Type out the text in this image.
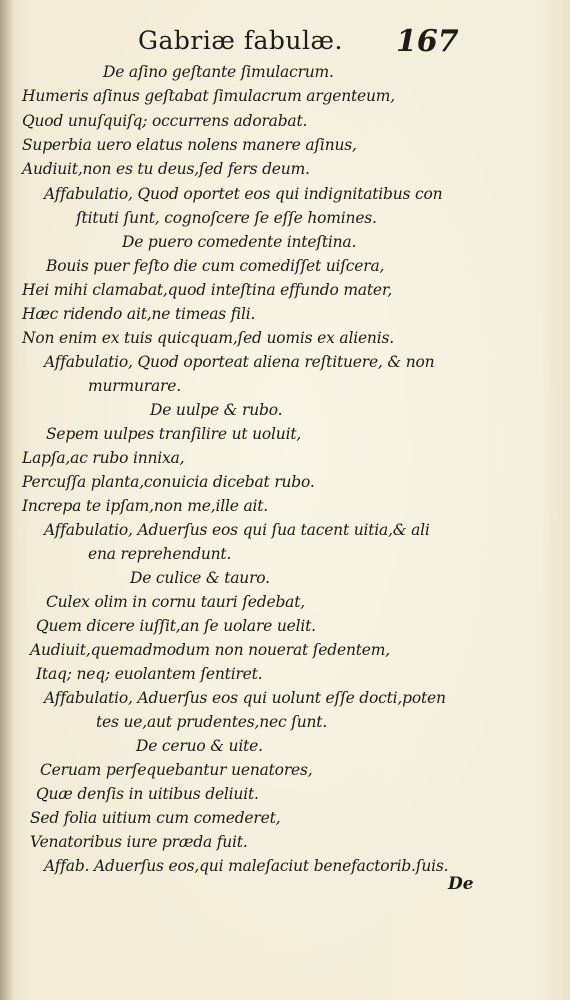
Gabriæ fabulæ. 167
De aſino geſtante ſimulacrum.
Humeris aſinus geſtabat ſimulacrum argenteum,
Quod unuſquiſq; occurrens adorabat.
Superbia uero elatus nolens manere aſinus,
Audiuit,non es tu deus,ſed fers deum.
Affabulatio, Quod oportet eos qui indignitatibus con
ſtituti ſunt, cognoſcere ſe eſſe homines.
De puero comedente inteſtina.
Bouis puer feſto die cum comediſſet uiſcera,
Hei mihi clamabat,quod inteſtina effundo mater,
Hæc ridendo ait,ne timeas fili.
Non enim ex tuis quicquam,ſed uomis ex alienis.
Affabulatio, Quod oporteat aliena reſtituere, & non
murmurare.
De uulpe & rubo.
Sepem uulpes tranſilire ut uoluit,
Lapſa,ac rubo innixa,
Percuſſa planta,conuicia dicebat rubo.
Increpa te ipſam,non me,ille ait.
Affabulatio, Aduerſus eos qui ſua tacent uitia,& ali
ena reprehendunt.
De culice & tauro.
Culex olim in cornu tauri ſedebat,
Quem dicere iuſſit,an ſe uolare uelit.
Audiuit,quemadmodum non nouerat ſedentem,
Itaq; neq; euolantem ſentiret.
Affabulatio, Aduerſus eos qui uolunt eſſe docti,poten
tes ue,aut prudentes,nec ſunt.
De ceruo & uite.
Ceruam perſequebantur uenatores,
Quæ denſis in uitibus deliuit.
Sed folia uitium cum comederet,
Venatoribus iure præda fuit.
Affab. Aduerſus eos,qui maleſaciut benefactorib.ſuis.
De
